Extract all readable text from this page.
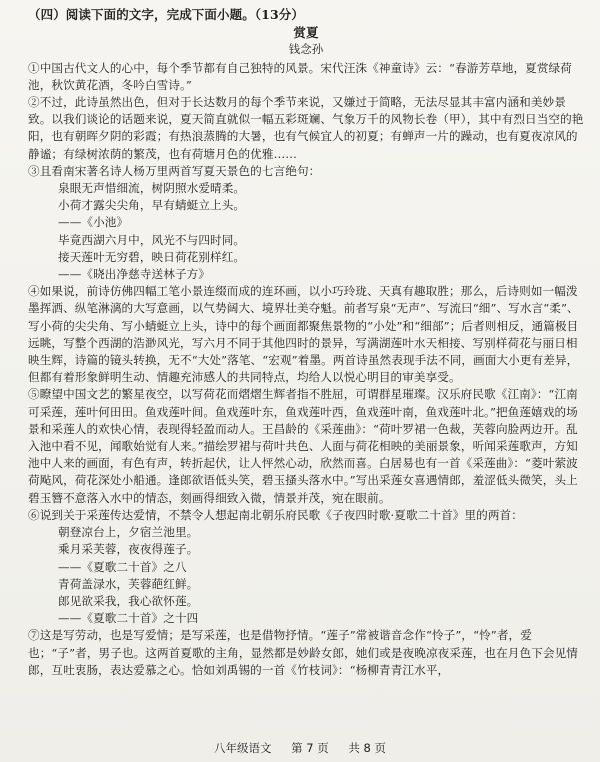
（四）阅读下面的文字，完成下面小题。（13分）
赏夏
钱念孙

①中国古代文人的心中，每个季节都有自己独特的风景。宋代汪洙《神童诗》云：“春游芳草地，夏赏绿荷池，秋饮黄花酒，冬吟白雪诗。”

②不过，此诗虽然出色，但对于长达数月的每个季节来说，又嫌过于简略，无法尽显其丰富内涵和美妙景致。以我们谈论的话题来说，夏天简直就似一幅五彩斑斓、气象万千的风物长卷（甲），其中有烈日当空的艳阳，也有朝晖夕阴的彩霞；有热浪蒸腾的大暑，也有气候宜人的初夏；有蝉声一片的躁动，也有夏夜凉风的静谧；有绿树浓荫的繁茂，也有荷塘月色的优雅……

③且看南宋著名诗人杨万里两首写夏天景色的七言绝句：

泉眼无声惜细流，树阴照水爱晴柔。

小荷才露尖尖角，早有蜻蜓立上头。

——《小池》

毕竟西湖六月中，风光不与四时同。

接天莲叶无穷碧，映日荷花别样红。

——《晓出净慈寺送林子方》

④如果说，前诗仿佛四幅工笔小景连缀而成的连环画，以小巧玲珑、天真有趣取胜；那么，后诗则如一幅泼墨挥洒、纵笔淋漓的大写意画，以气势阔大、境界壮美夺魁。前者写泉“无声”、写流曰“细”、写水言“柔”、写小荷的尖尖角、写小蜻蜓立上头，诗中的每个画面都聚焦景物的“小处”和“细部”；后者则相反，通篇极目远眺，写整个西湖的浩渺风光，写六月不同于其他四时的景异，写满湖莲叶水天相接、写别样荷花与丽日相映生辉，诗篇的镜头转换，无不“大处”落笔、“宏观”着墨。两首诗虽然表现手法不同，画面大小更有差异，但都有着形象鲜明生动、情趣充沛感人的共同特点，均给人以悦心明目的审美享受。

⑤瞭望中国文艺的繁星夜空，以写荷花而熠熠生辉者指不胜屈，可谓群星璀璨。汉乐府民歌《江南》：“江南可采莲，莲叶何田田。鱼戏莲叶间。鱼戏莲叶东，鱼戏莲叶西，鱼戏莲叶南，鱼戏莲叶北。”把鱼莲嬉戏的场景和采莲人的欢快心情，表现得轻盈而动人。王昌龄的《采莲曲》：“荷叶罗裙一色裁，芙蓉向脸两边开。乱入池中看不见，闻歌始觉有人来。”描绘罗裙与荷叶共色、人面与荷花相映的美丽景象，听闻采莲歌声，方知池中人来的画面，有色有声，转折起伏，让人怦然心动，欣然而喜。白居易也有一首《采莲曲》：“菱叶萦波荷飐风，荷花深处小船通。逢郎欲语低头笑，碧玉搔头落水中。”写出采莲女喜遇情郎，羞涩低头微笑，头上碧玉簪不意落入水中的情态，刻画得细致入微，情景并茂，宛在眼前。

⑥说到关于采莲传达爱情，不禁令人想起南北朝乐府民歌《子夜四时歌·夏歌二十首》里的两首：

朝登凉台上，夕宿兰池里。

乘月采芙蓉，夜夜得莲子。

——《夏歌二十首》之八

青荷盖渌水，芙蓉葩红鲜。

郎见欲采我，我心欲怀莲。

——《夏歌二十首》之十四

⑦这是写劳动，也是写爱情；是写采莲，也是借物抒情。“莲子”常被谐音念作“怜子”，“怜”者，爱也；“子”者，男子也。这两首夏歌的主角，显然都是妙龄女郎，她们或是夜晚凉夜采莲，也在月色下会见情郎，互吐衷肠，表达爱慕之心。恰如刘禹锡的一首《竹枝词》：“杨柳青青江水平，

八年级语文 第 7 页 共 8 页
